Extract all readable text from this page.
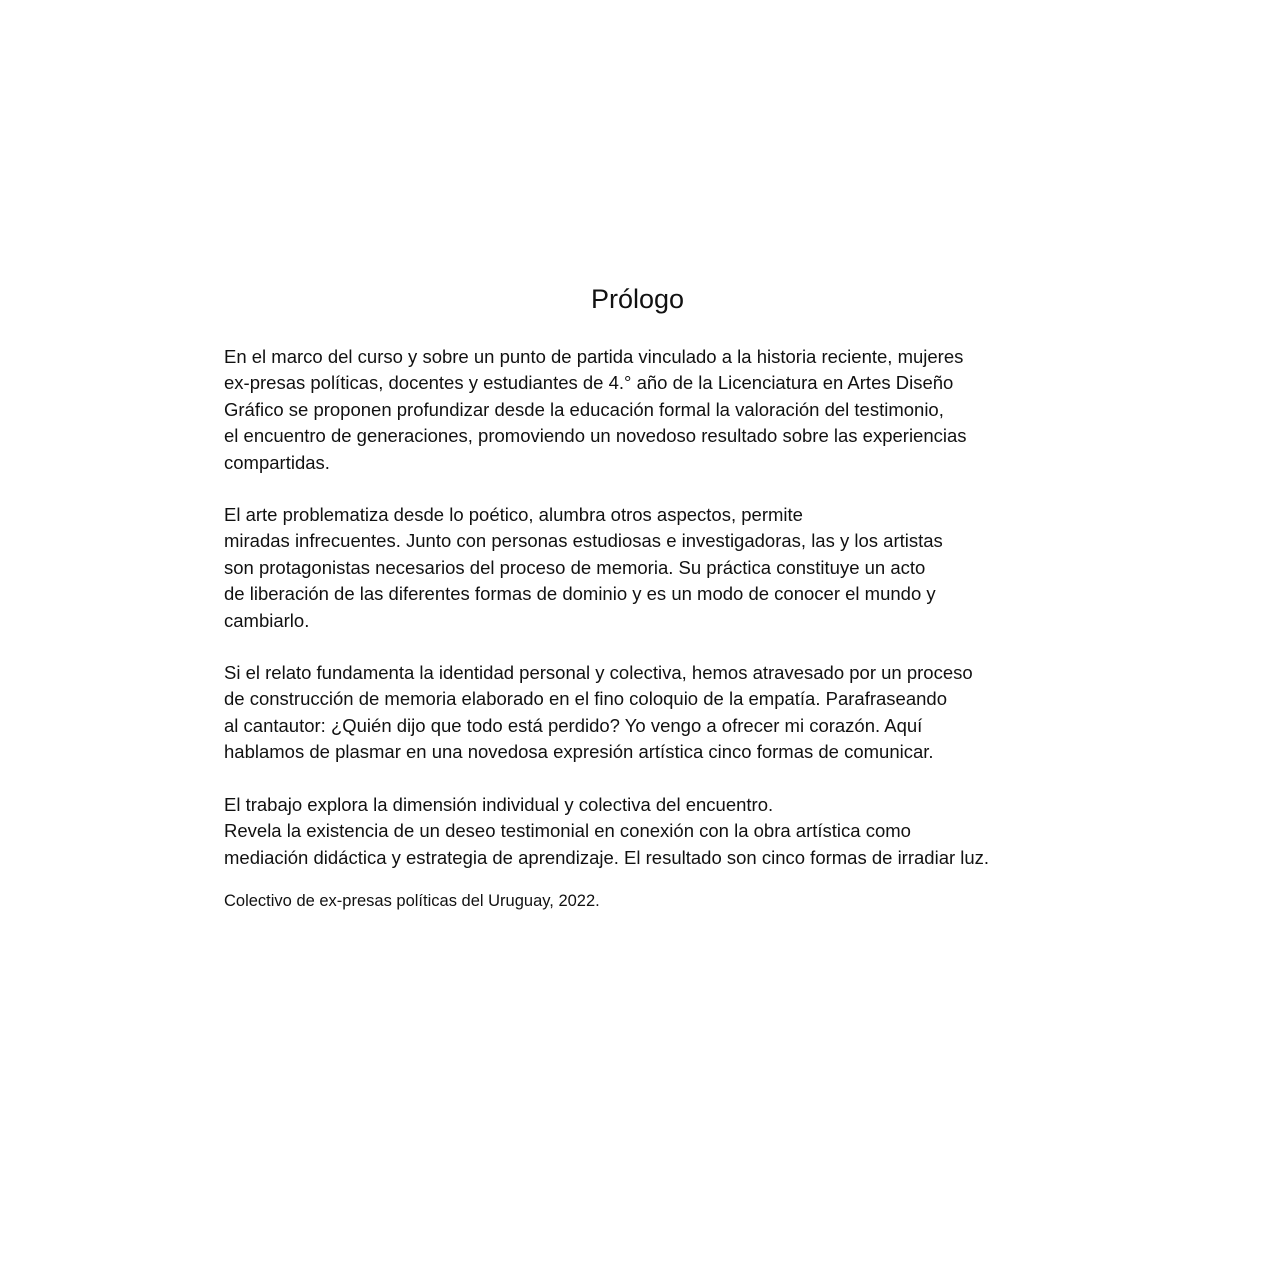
Prólogo

En el marco del curso y sobre un punto de partida vinculado a la historia reciente, mujeres
ex-presas políticas, docentes y estudiantes de 4.° año de la Licenciatura en Artes Diseño
Gráfico se proponen profundizar desde la educación formal la valoración del testimonio,
el encuentro de generaciones, promoviendo un novedoso resultado sobre las experiencias
compartidas.

El arte problematiza desde lo poético, alumbra otros aspectos, permite
miradas infrecuentes. Junto con personas estudiosas e investigadoras, las y los artistas
son protagonistas necesarios del proceso de memoria. Su práctica constituye un acto
de liberación de las diferentes formas de dominio y es un modo de conocer el mundo y
cambiarlo.

Si el relato fundamenta la identidad personal y colectiva, hemos atravesado por un proceso
de construcción de memoria elaborado en el fino coloquio de la empatía. Parafraseando
al cantautor: ¿Quién dijo que todo está perdido? Yo vengo a ofrecer mi corazón. Aquí
hablamos de plasmar en una novedosa expresión artística cinco formas de comunicar.

El trabajo explora la dimensión individual y colectiva del encuentro.
Revela la existencia de un deseo testimonial en conexión con la obra artística como
mediación didáctica y estrategia de aprendizaje. El resultado son cinco formas de irradiar luz.

Colectivo de ex-presas políticas del Uruguay, 2022.
